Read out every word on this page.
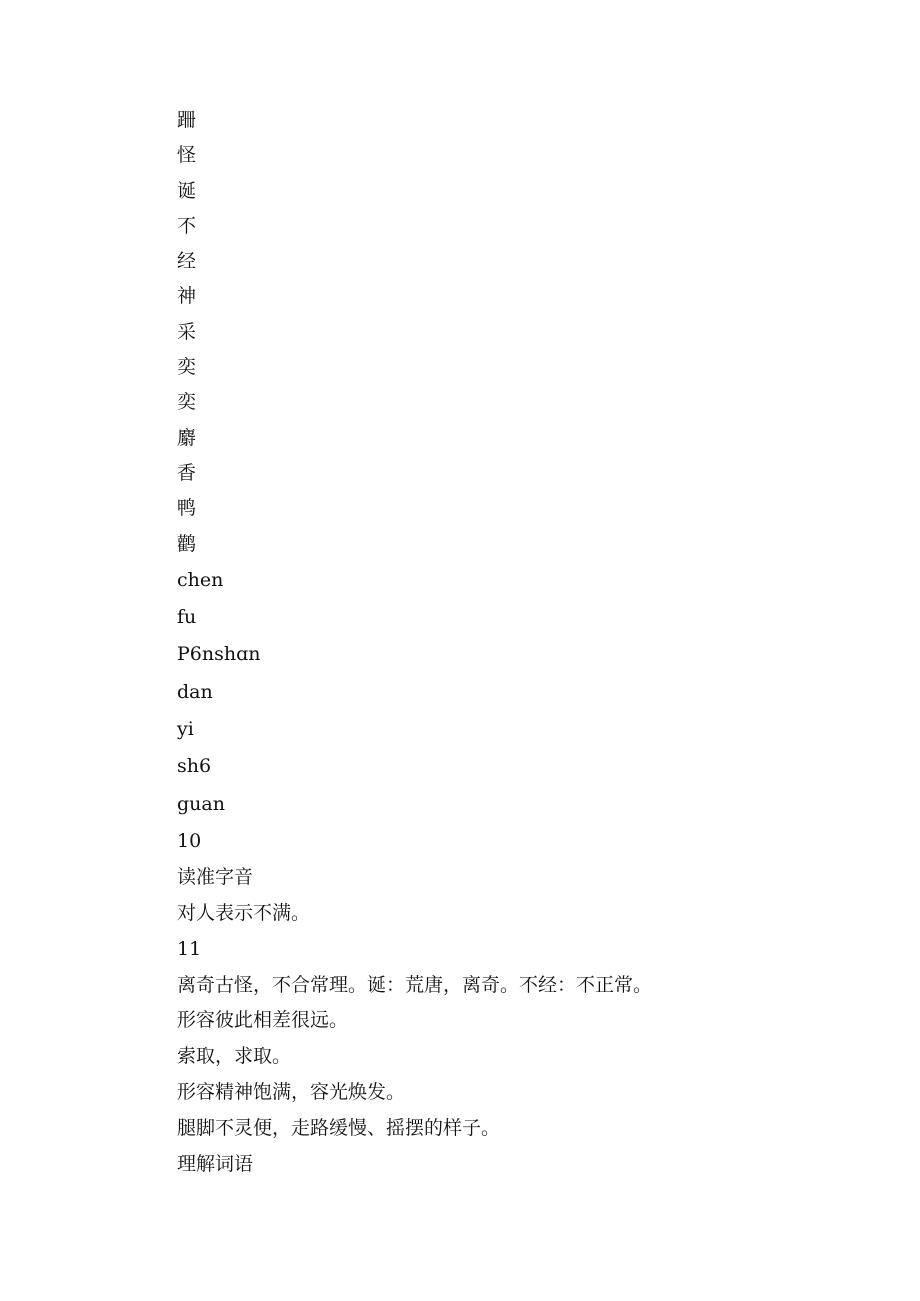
跚
怪
诞
不
经
神
采
奕
奕
麝
香
鸭
鹳
chen
fu
P6nshɑn
dan
yi
sh6
guan
10
读准字音
对人表示不满。
11
离奇古怪，不合常理。诞：荒唐，离奇。不经：不正常。
形容彼此相差很远。
索取，求取。
形容精神饱满，容光焕发。
腿脚不灵便，走路缓慢、摇摆的样子。
理解词语
